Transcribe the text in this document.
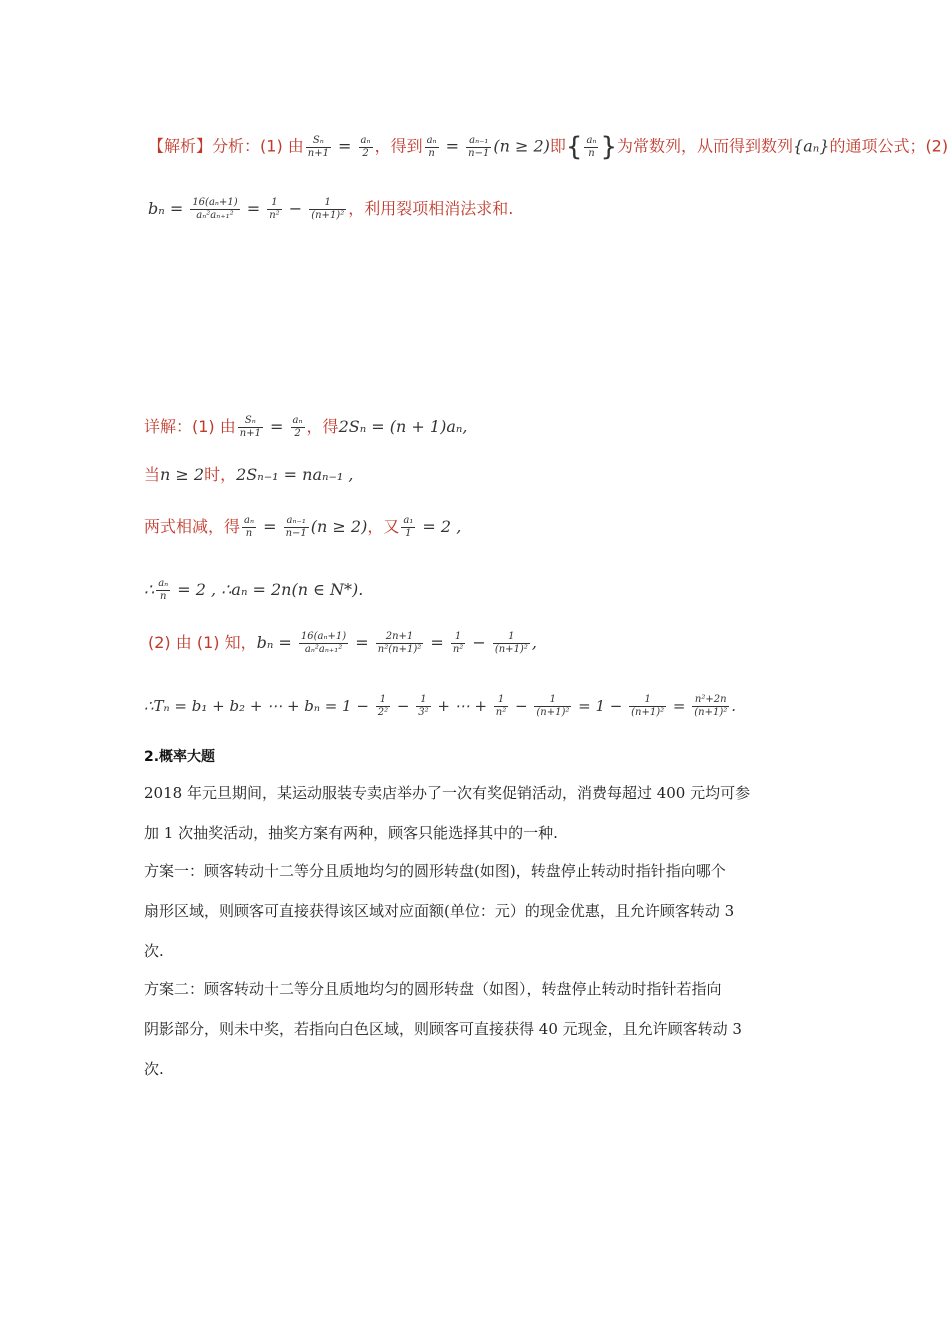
【解析】分析：(1) 由 $\frac{\text{Sₙ}}{n+1} = \frac{\text{aₙ}}{2}$ ，得到 $\frac{\text{aₙ}}{n} = \frac{\text{aₙ₋₁}}{n-1} (n \ge 2)$即{ $\frac{\text{aₙ}}{n}$ }为常数列，从而得到数列{aₙ}的通项公式；(2)
$b_n = \frac{\text{16(aₙ+1)}}{\text{aₙ²aₙ₊₁²}} = \frac{1}{\text{n²}} - \frac{1}{\text{(n+1)²}}$ ，利用裂项相消法求和.
详解：(1) 由 $\frac{\text{Sₙ}}{n+1} = \frac{\text{aₙ}}{2}$ ，得2Sₙ = (n + 1)aₙ,
当n ≥ 2时，2Sₙ₋₁ = naₙ₋₁ ,
两式相减，得 $\frac{\text{aₙ}}{n} = \frac{\text{aₙ₋₁}}{n-1} (n \ge 2)$，又 $\frac{\text{a₁}}{1} = 2$ ,
∴ $\frac{\text{aₙ}}{n} = 2$ , ∴aₙ = 2n(n ∈ N*).
(2) 由 (1) 知，$b_n = \frac{\text{16(aₙ+1)}}{\text{aₙ²aₙ₊₁²}} = \frac{2n+1}{\text{n²(n+1)²}} = \frac{1}{\text{n²}} - \frac{1}{\text{(n+1)²}}$ ,
∴Tₙ = b₁ + b₂ + ⋯ + $b_n = 1 - \frac{1}{\text{2²}} - \frac{1}{\text{3²}}$ + ⋯ + $\frac{1}{\text{n²}} - \frac{1}{\text{(n+1)²}} = 1 - \frac{1}{\text{(n+1)²}} = \frac{\text{n²+2n}}{\text{(n+1)²}}$ .
2.概率大题
2018 年元旦期间，某运动服装专卖店举办了一次有奖促销活动，消费每超过 400 元均可参
加 1 次抽奖活动，抽奖方案有两种，顾客只能选择其中的一种.
方案一：顾客转动十二等分且质地均匀的圆形转盘(如图)，转盘停止转动时指针指向哪个
扇形区域，则顾客可直接获得该区域对应面额(单位：元）的现金优惠，且允许顾客转动 3
次.
方案二：顾客转动十二等分且质地均匀的圆形转盘（如图），转盘停止转动时指针若指向
阴影部分，则未中奖，若指向白色区域，则顾客可直接获得 40 元现金，且允许顾客转动 3
次.
